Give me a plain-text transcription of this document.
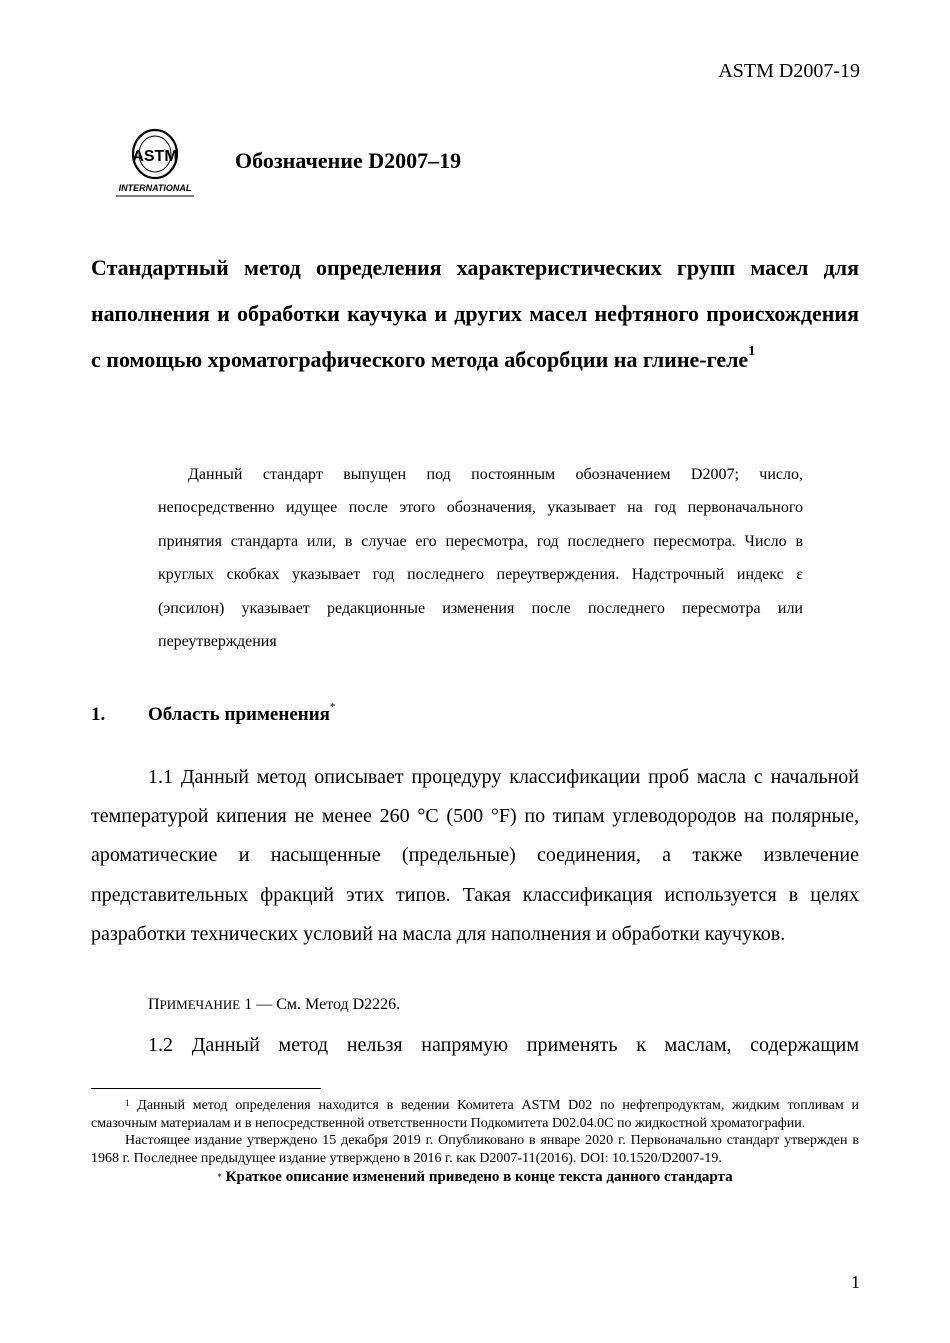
ASTM D2007-19
ASTM
INTERNATIONAL
Обозначение D2007–19
Стандартный метод определения характеристических групп масел для наполнения и обработки каучука и других масел нефтяного происхождения с помощью хроматографического метода абсорбции на глине-геле$^1$
Данный стандарт выпущен под постоянным обозначением D2007; число, непосредственно идущее после этого обозначения, указывает на год первоначального принятия стандарта или, в случае его пересмотра, год последнего пересмотра. Число в круглых скобках указывает год последнего переутверждения. Надстрочный индекс ε (эпсилон) указывает редакционные изменения после последнего пересмотра или переутверждения
1. Область применения*
1.1 Данный метод описывает процедуру классификации проб масла с начальной температурой кипения не менее 260 °C (500 °F) по типам углеводородов на полярные, ароматические и насыщенные (предельные) соединения, а также извлечение представительных фракций этих типов. Такая классификация используется в целях разработки технических условий на масла для наполнения и обработки каучуков.
ПРИМЕЧАНИЕ 1 — См. Метод D2226.
1.2 Данный метод нельзя напрямую применять к маслам, содержащим

$^1$ Данный метод определения находится в ведении Комитета ASTM D02 по нефтепродуктам, жидким топливам и смазочным материалам и в непосредственной ответственности Подкомитета D02.04.0C по жидкостной хроматографии.

Настоящее издание утверждено 15 декабря 2019 г. Опубликовано в январе 2020 г. Первоначально стандарт утвержден в 1968 г. Последнее предыдущее издание утверждено в 2016 г. как D2007-11(2016). DOI: 10.1520/D2007-19.

* Краткое описание изменений приведено в конце текста данного стандарта

1
